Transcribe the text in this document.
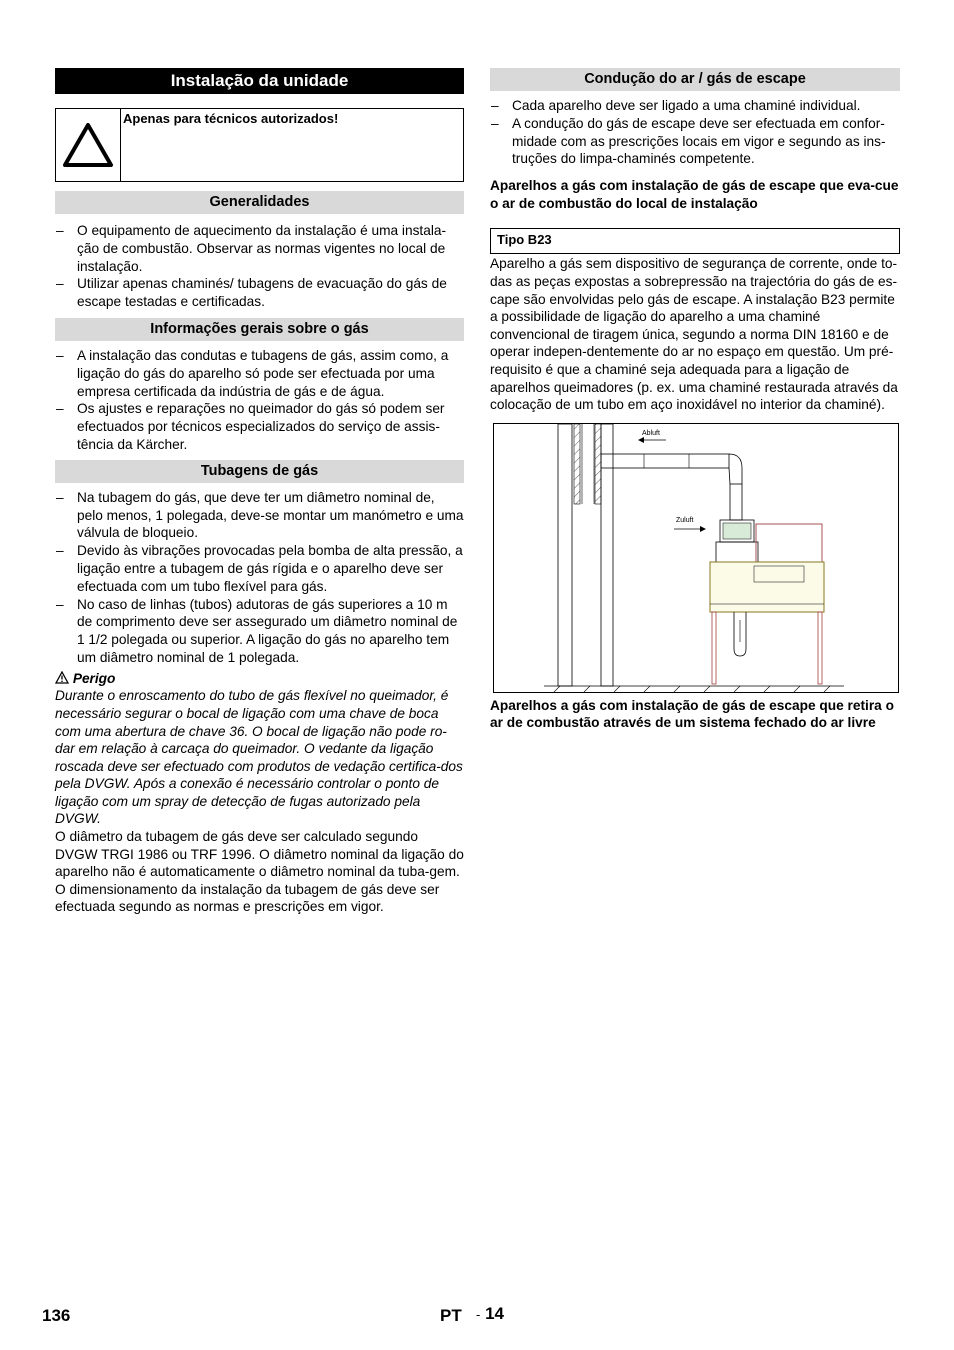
Instalação da unidade
Apenas para técnicos autorizados!
Generalidades
– O equipamento de aquecimento da instalação é uma instala-ção de combustão. Observar as normas vigentes no local de instalação.
– Utilizar apenas chaminés/ tubagens de evacuação do gás de escape testadas e certificadas.
Informações gerais sobre o gás
– A instalação das condutas e tubagens de gás, assim como, a ligação do gás do aparelho só pode ser efectuada por uma empresa certificada da indústria de gás e de água.
– Os ajustes e reparações no queimador do gás só podem ser efectuados por técnicos especializados do serviço de assis-tência da Kärcher.
Tubagens de gás
– Na tubagem do gás, que deve ter um diâmetro nominal de, pelo menos, 1 polegada, deve-se montar um manómetro e uma válvula de bloqueio.
– Devido às vibrações provocadas pela bomba de alta pressão, a ligação entre a tubagem de gás rígida e o aparelho deve ser efectuada com um tubo flexível para gás.
– No caso de linhas (tubos) adutoras de gás superiores a 10 m de comprimento deve ser assegurado um diâmetro nominal de 1 1/2 polegada ou superior. A ligação do gás no aparelho tem um diâmetro nominal de 1 polegada.

Perigo

Durante o enroscamento do tubo de gás flexível no queimador, é necessário segurar o bocal de ligação com uma chave de boca com uma abertura de chave 36. O bocal de ligação não pode ro-dar em relação à carcaça do queimador. O vedante da ligação roscada deve ser efectuado com produtos de vedação certifica-dos pela DVGW. Após a conexão é necessário controlar o ponto de ligação com um spray de detecção de fugas autorizado pela DVGW.

O diâmetro da tubagem de gás deve ser calculado segundo DVGW TRGI 1986 ou TRF 1996. O diâmetro nominal da ligação do aparelho não é automaticamente o diâmetro nominal da tuba-gem. O dimensionamento da instalação da tubagem de gás deve ser efectuada segundo as normas e prescrições em vigor.

Condução do ar / gás de escape
– Cada aparelho deve ser ligado a uma chaminé individual.
– A condução do gás de escape deve ser efectuada em confor-midade com as prescrições locais em vigor e segundo as ins-truções do limpa-chaminés competente.

Aparelhos a gás com instalação de gás de escape que eva-cue o ar de combustão do local de instalação

Tipo B23

Aparelho a gás sem dispositivo de segurança de corrente, onde to-das as peças expostas a sobrepressão na trajectória do gás de es-cape são envolvidas pelo gás de escape. A instalação B23 permite a possibilidade de ligação do aparelho a uma chaminé convencional de tiragem única, segundo a norma DIN 18160 e de operar indepen-dentemente do ar no espaço em questão. Um pré-requisito é que a chaminé seja adequada para a ligação de aparelhos queimadores (p. ex. uma chaminé restaurada através da colocação de um tubo em aço inoxidável no interior da chaminé).

Abluft
Zuluft

Aparelhos a gás com instalação de gás de escape que retira o ar de combustão através de um sistema fechado do ar livre

136	PT - 14
